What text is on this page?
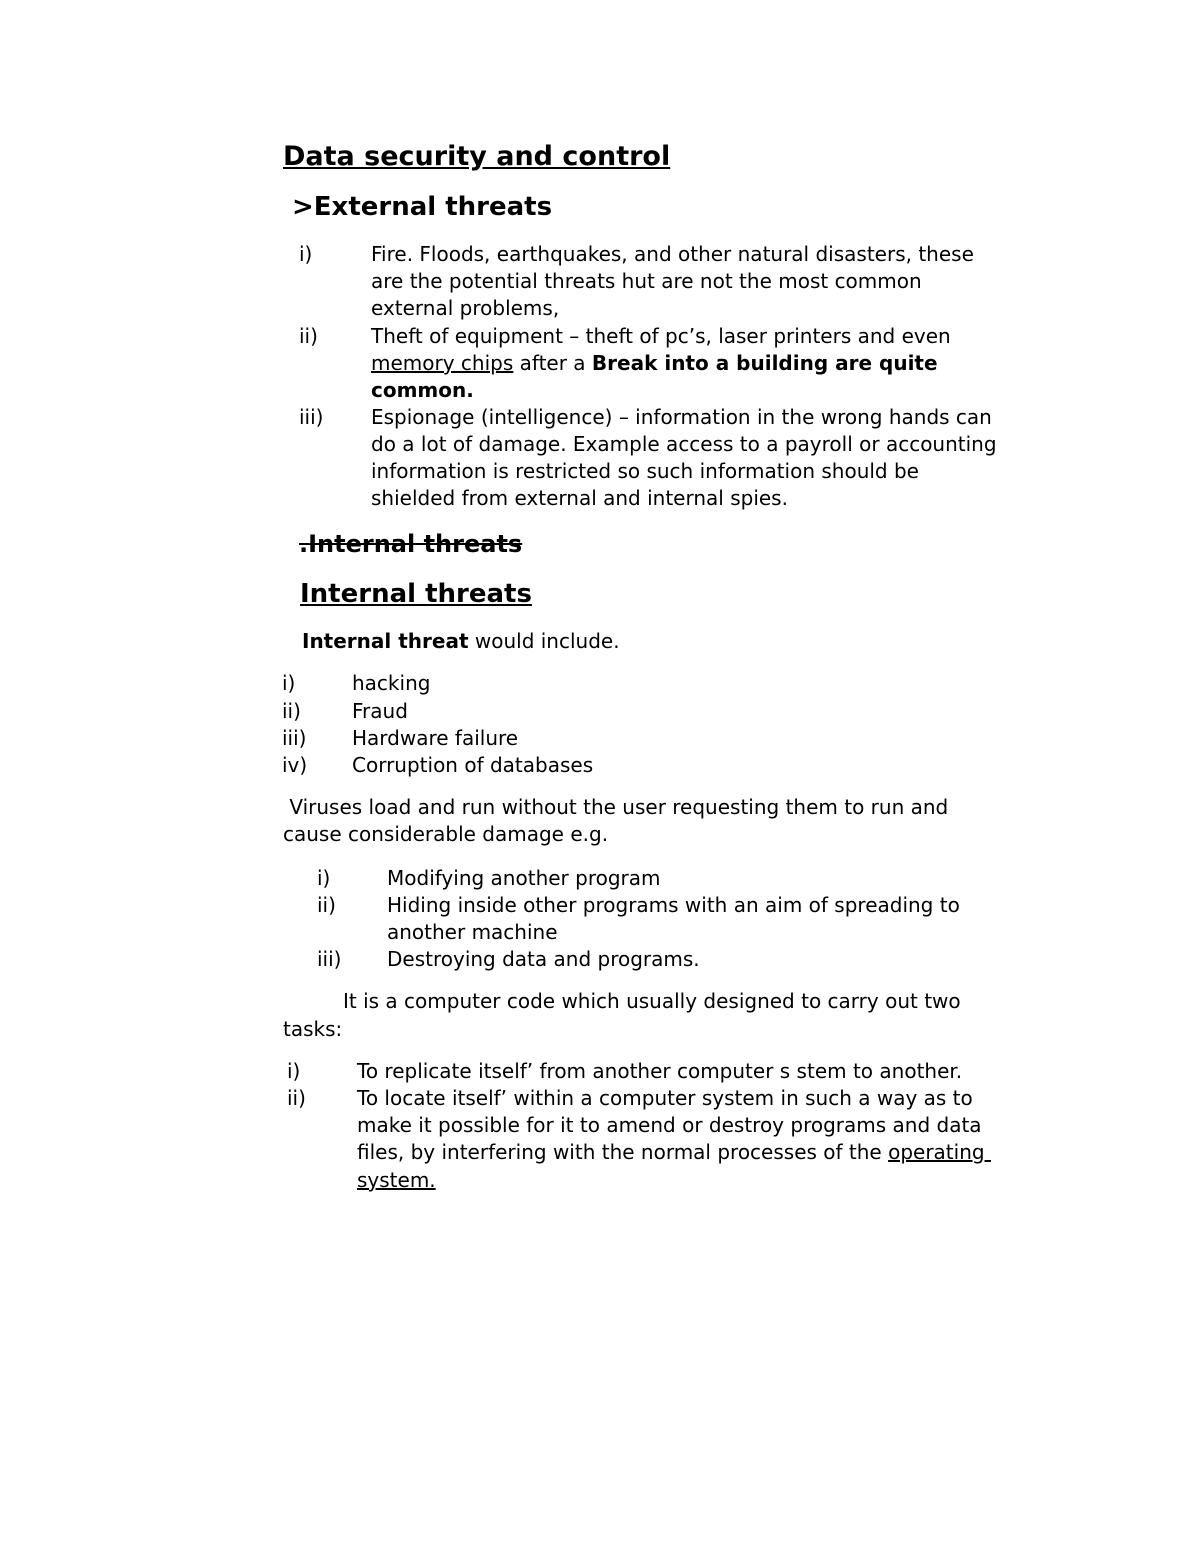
Data security and control
>External threats
i)	Fire. Floods, earthquakes, and other natural disasters, these
are the potential threats hut are not the most common
external problems,
ii)	Theft of equipment – theft of pc’s, laser printers and even
memory chips after a Break into a building are quite
common.
iii) Espionage (intelligence) – information in the wrong hands can
do a lot of damage. Example access to a payroll or accounting
information is restricted so such information should be
shielded from external and internal spies.
.Internal threats
Internal threats
Internal threat would include.
i)	hacking
ii)	Fraud
iii) Hardware failure
iv) Corruption of databases
Viruses load and run without the user requesting them to run and
cause considerable damage e.g.
i)	Modifying another program
ii)	Hiding inside other programs with an aim of spreading to
another machine
iii) Destroying data and programs.
It is a computer code which usually designed to carry out two
tasks:
i)	To replicate itself’ from another computer s stem to another.
ii)	To locate itself’ within a computer system in such a way as to
make it possible for it to amend or destroy programs and data
files, by interfering with the normal processes of the operating
system.
